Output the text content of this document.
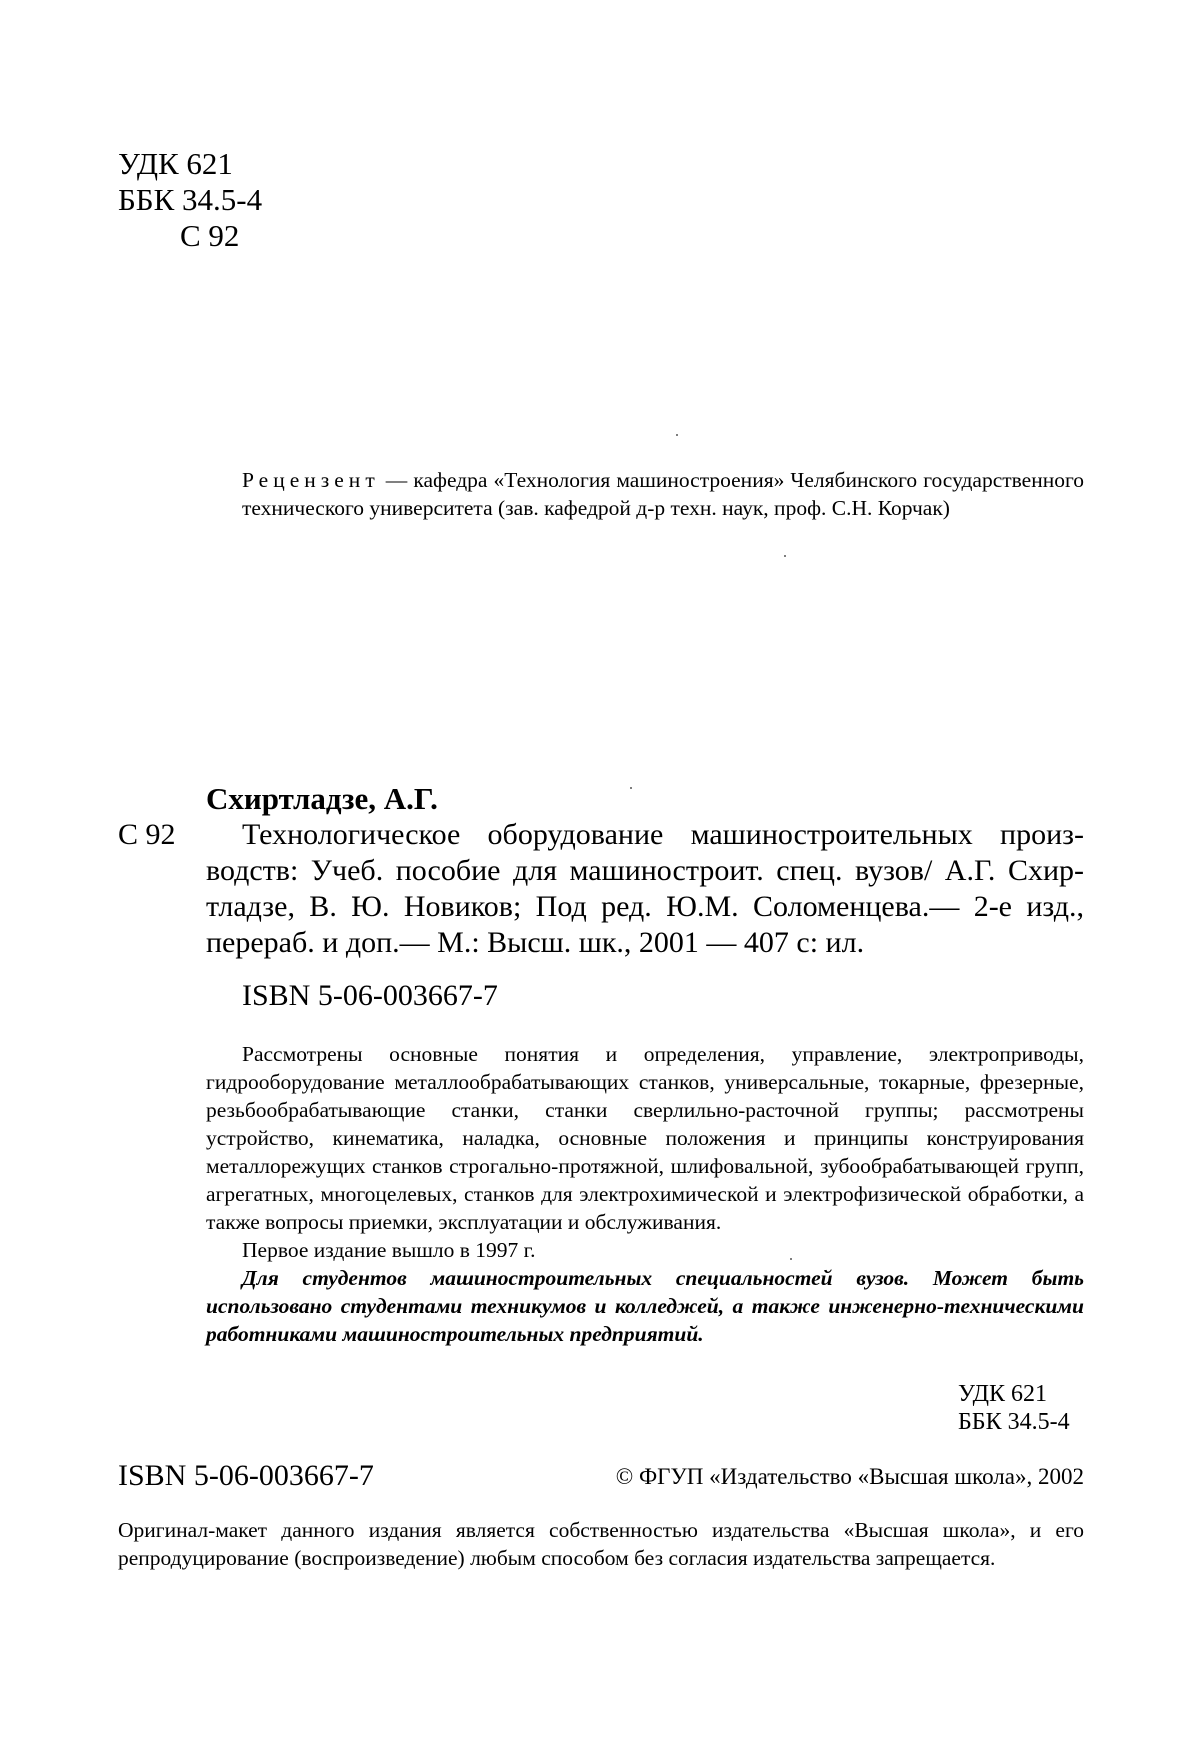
УДК 621
ББК 34.5-4
С 92
Рецензент — кафедра «Технология машиностроения» Челябинского государственного технического университета (зав. кафедрой д-р техн. наук, проф. С.Н. Корчак)
Схиртладзе, А.Г.
С 92	Технологическое оборудование машиностроительных произ-
водств: Учеб. пособие для машиностроит. спец. вузов/ А.Г. Схир-
тладзе, В. Ю. Новиков; Под ред. Ю.М. Соломенцева.— 2-е изд.,
перераб. и доп.— М.: Высш. шк., 2001 — 407 с: ил.
ISBN 5-06-003667-7

Рассмотрены основные понятия и определения, управление, электроприводы, гидрооборудование металлообрабатывающих станков, универсальные, токарные, фрезерные, резьбообрабатывающие станки, станки сверлильно-расточной группы; рассмотрены устройство, кинематика, наладка, основные положения и принципы конструирования металлорежущих станков строгально-протяжной, шлифовальной, зубообрабатывающей групп, агрегатных, многоцелевых, станков для электрохимической и электрофизической обработки, а также вопросы приемки, эксплуатации и обслуживания.

Первое издание вышло в 1997 г.

Для студентов машиностроительных специальностей вузов. Может быть использовано студентами техникумов и колледжей, а также инженерно-техническими работниками машиностроительных предприятий.

УДК 621
ББК 34.5-4
ISBN 5-06-003667-7	© ФГУП «Издательство «Высшая школа», 2002
Оригинал-макет данного издания является собственностью издательства «Высшая школа», и его репродуцирование (воспроизведение) любым способом без согласия издательства запрещается.
